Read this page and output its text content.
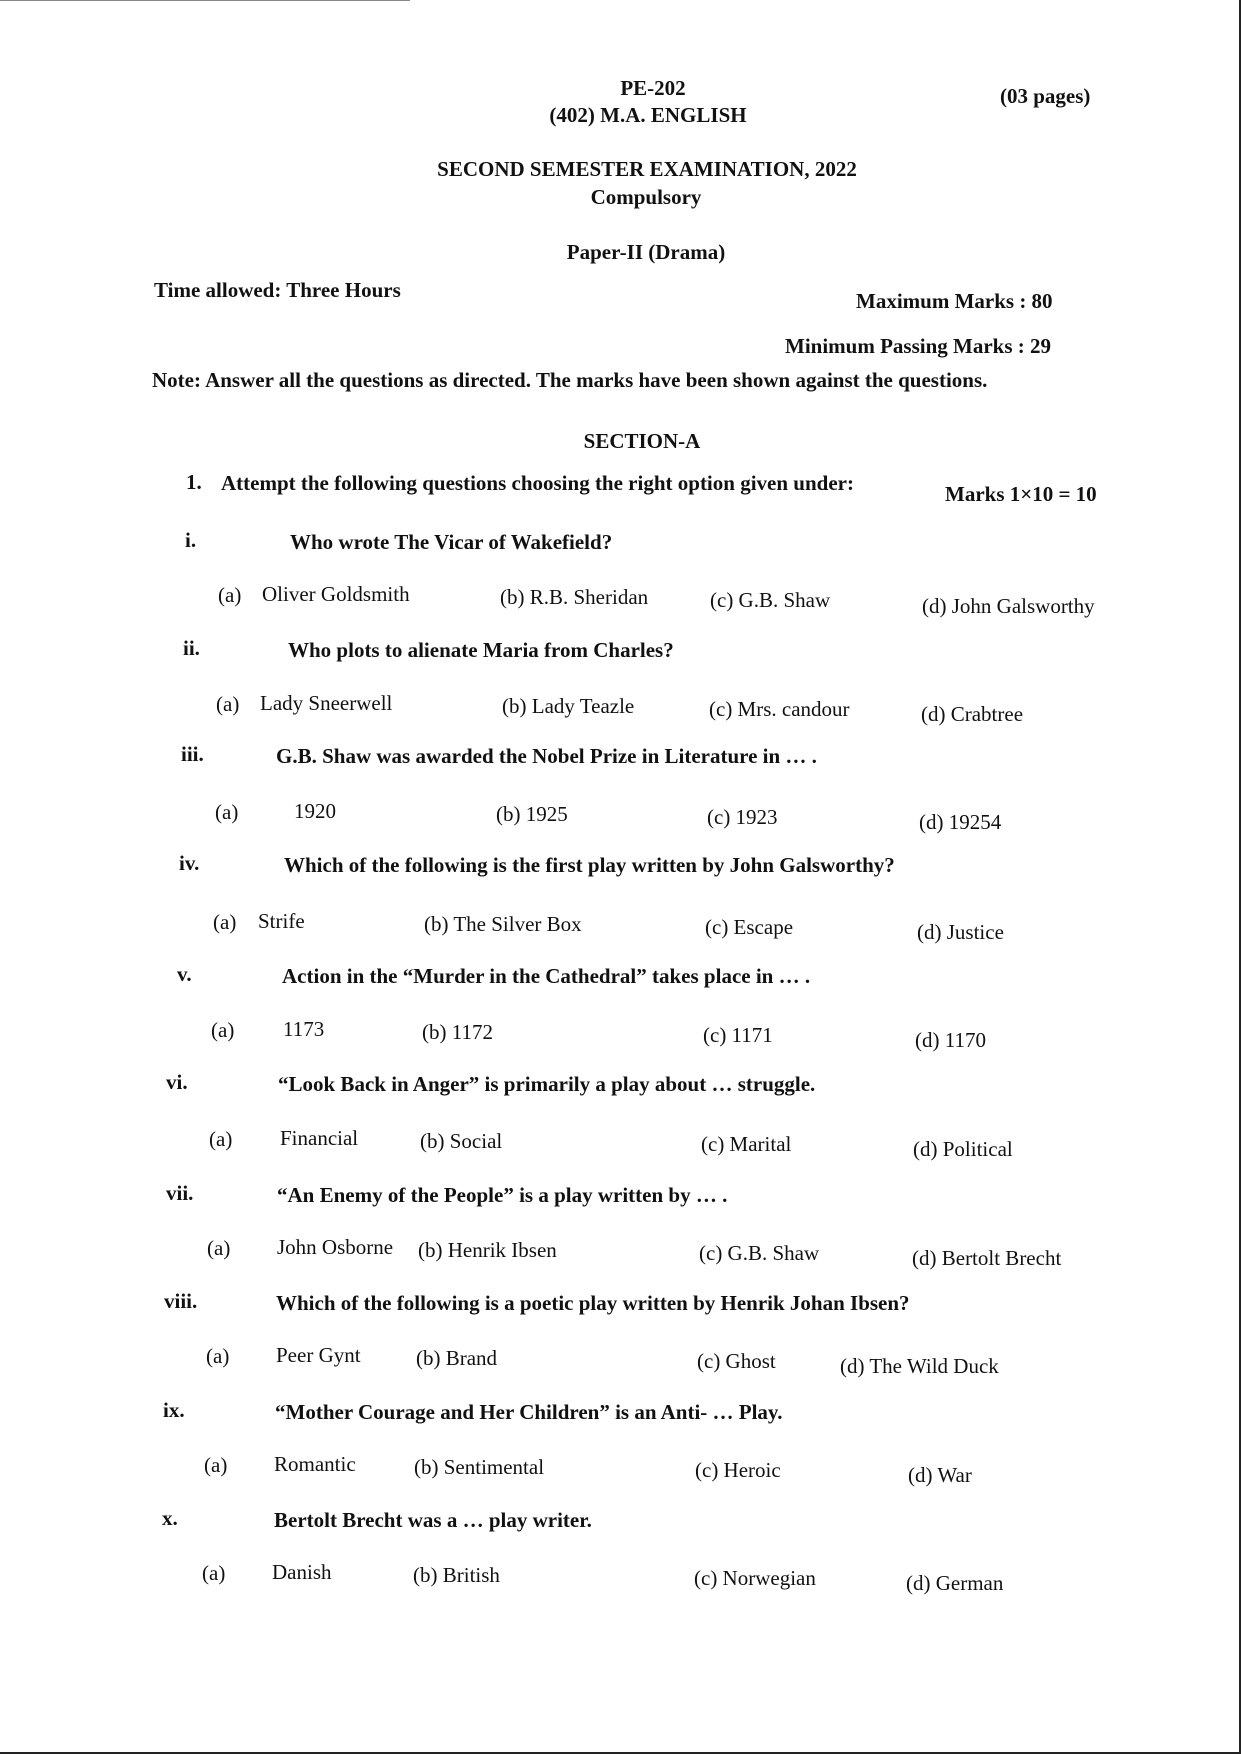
PE-202
(402) M.A. ENGLISH
(03 pages)
SECOND SEMESTER EXAMINATION, 2022
Compulsory
Paper-II (Drama)
Time allowed: Three Hours	Maximum Marks : 80
Minimum Passing Marks : 29
Note: Answer all the questions as directed. The marks have been shown against the questions.
SECTION-A
1. Attempt the following questions choosing the right option given under:	Marks 1×10 = 10
i.	Who wrote The Vicar of Wakefield?
(a) Oliver Goldsmith	(b) R.B. Sheridan	(c) G.B. Shaw	(d) John Galsworthy
ii.	Who plots to alienate Maria from Charles?
(a) Lady Sneerwell	(b) Lady Teazle	(c) Mrs. candour	(d) Crabtree
iii.	G.B. Shaw was awarded the Nobel Prize in Literature in … .
(a)	1920	(b) 1925	(c) 1923	(d) 19254
iv.	Which of the following is the first play written by John Galsworthy?
(a) Strife	(b) The Silver Box	(c) Escape	(d) Justice
v.	Action in the “Murder in the Cathedral” takes place in … .
(a) 1173	(b) 1172	(c) 1171	(d) 1170
vi.	“Look Back in Anger” is primarily a play about … struggle.
(a) Financial	(b) Social	(c) Marital	(d) Political
vii.	“An Enemy of the People” is a play written by … .
(a) John Osborne (b) Henrik Ibsen	(c) G.B. Shaw	(d) Bertolt Brecht
viii.	Which of the following is a poetic play written by Henrik Johan Ibsen?
(a) Peer Gynt	(b) Brand	(c) Ghost	(d) The Wild Duck
ix.	“Mother Courage and Her Children” is an Anti- … Play.
(a) Romantic	(b) Sentimental	(c) Heroic	(d) War
x.	Bertolt Brecht was a … play writer.
(a) Danish	(b) British	(c) Norwegian	(d) German
